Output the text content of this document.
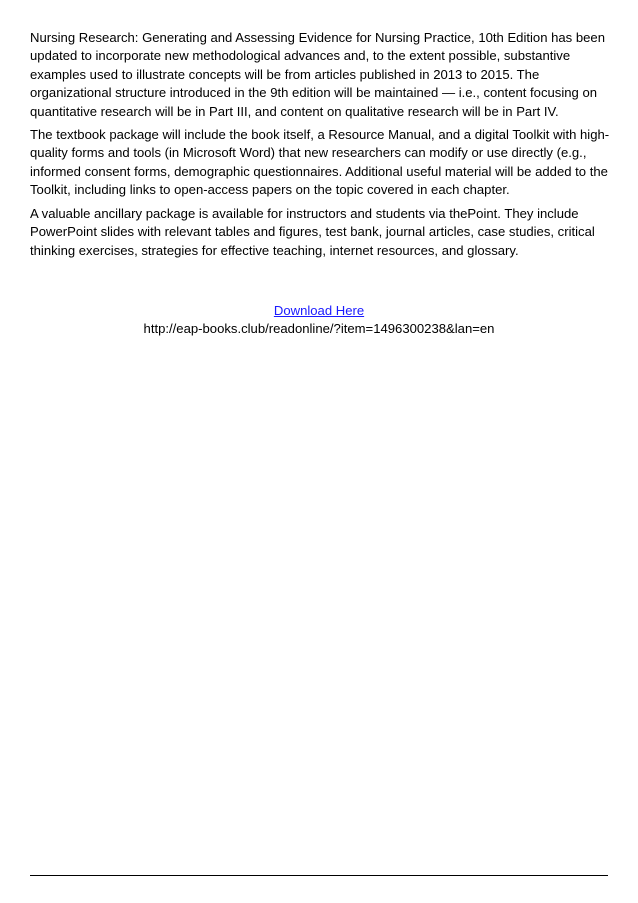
Nursing Research: Generating and Assessing Evidence for Nursing Practice, 10th Edition has been
updated to incorporate new methodological advances and, to the extent possible, substantive
examples used to illustrate concepts will be from articles published in 2013 to 2015. The
organizational structure introduced in the 9th edition will be maintained — i.e., content focusing on
quantitative research will be in Part III, and content on qualitative research will be in Part IV.

The textbook package will include the book itself, a Resource Manual, and a digital Toolkit with high-
quality forms and tools (in Microsoft Word) that new researchers can modify or use directly (e.g.,
informed consent forms, demographic questionnaires. Additional useful material will be added to the
Toolkit, including links to open-access papers on the topic covered in each chapter.

A valuable ancillary package is available for instructors and students via thePoint. They include
PowerPoint slides with relevant tables and figures, test bank, journal articles, case studies, critical
thinking exercises, strategies for effective teaching, internet resources, and glossary.

Download Here
http://eap-books.club/readonline/?item=1496300238&lan=en
